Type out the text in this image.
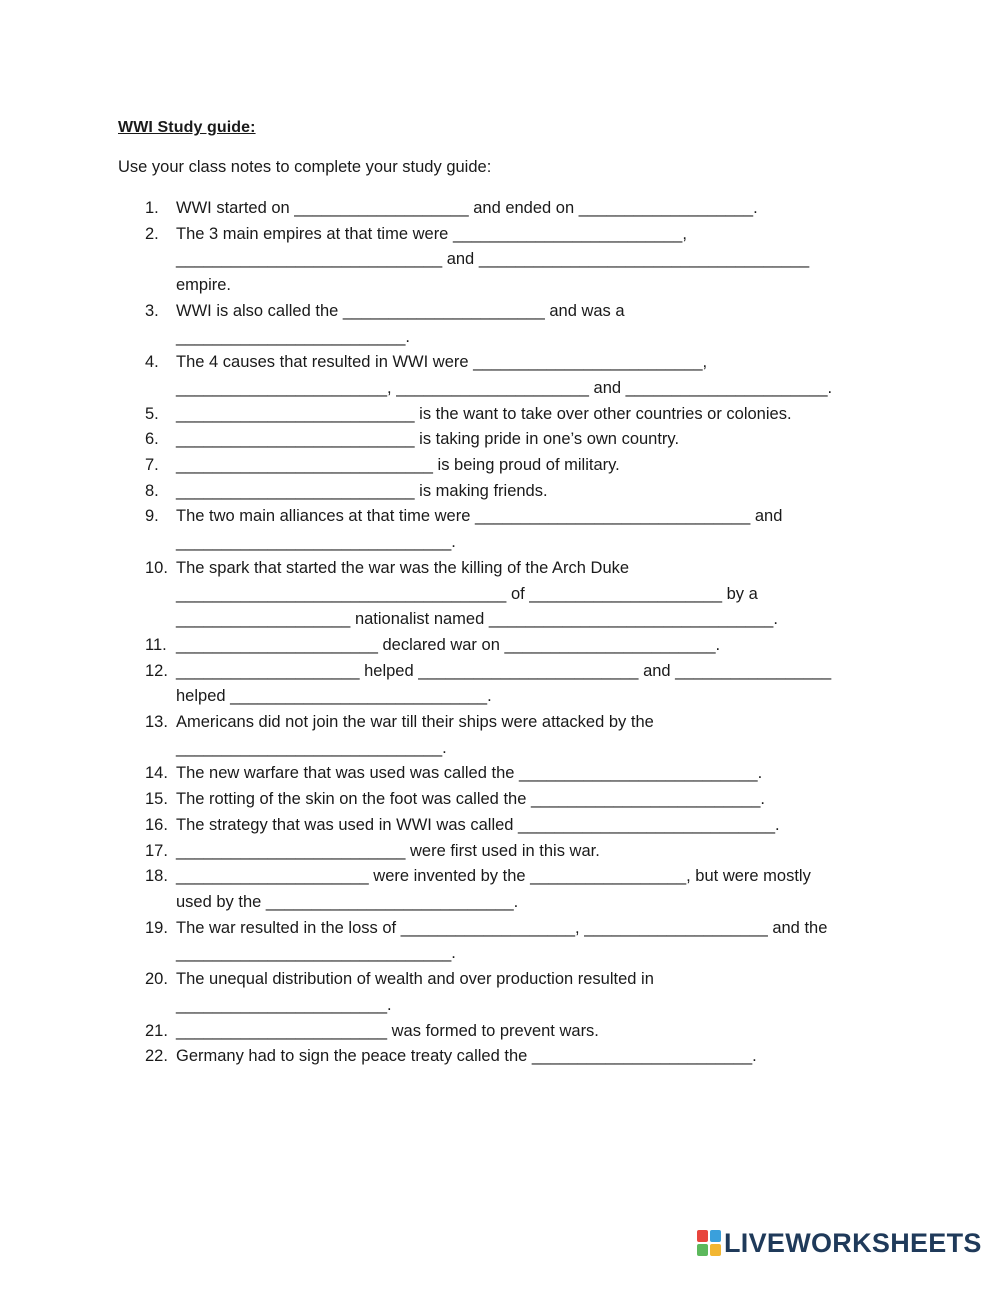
WWI Study guide:
Use your class notes to complete your study guide:
1.	WWI started on ___________________ and ended on ___________________.
2.	The 3 main empires at that time were _________________________,
_____________________________ and ____________________________________
empire.
3.	WWI is also called the ______________________ and was a
_________________________.
4.	The 4 causes that resulted in WWI were _________________________,
_______________________, _____________________ and ______________________.
5.	__________________________ is the want to take over other countries or colonies.
6.	__________________________ is taking pride in one’s own country.
7.	____________________________ is being proud of military.
8.	__________________________ is making friends.
9.	The two main alliances at that time were ______________________________ and
______________________________.
10. The spark that started the war was the killing of the Arch Duke
____________________________________ of _____________________ by a
___________________ nationalist named _______________________________.
11. ______________________ declared war on _______________________.
12. ____________________ helped ________________________ and _________________
helped ____________________________.
13. Americans did not join the war till their ships were attacked by the
_____________________________.
14. The new warfare that was used was called the __________________________.
15. The rotting of the skin on the foot was called the _________________________.
16. The strategy that was used in WWI was called ____________________________.
17. _________________________ were first used in this war.
18. _____________________ were invented by the _________________, but were mostly
used by the ___________________________.
19. The war resulted in the loss of ___________________, ____________________ and the
______________________________.
20. The unequal distribution of wealth and over production resulted in
_______________________.
21. _______________________ was formed to prevent wars.
22. Germany had to sign the peace treaty called the ________________________.
LIVEWORKSHEETS
